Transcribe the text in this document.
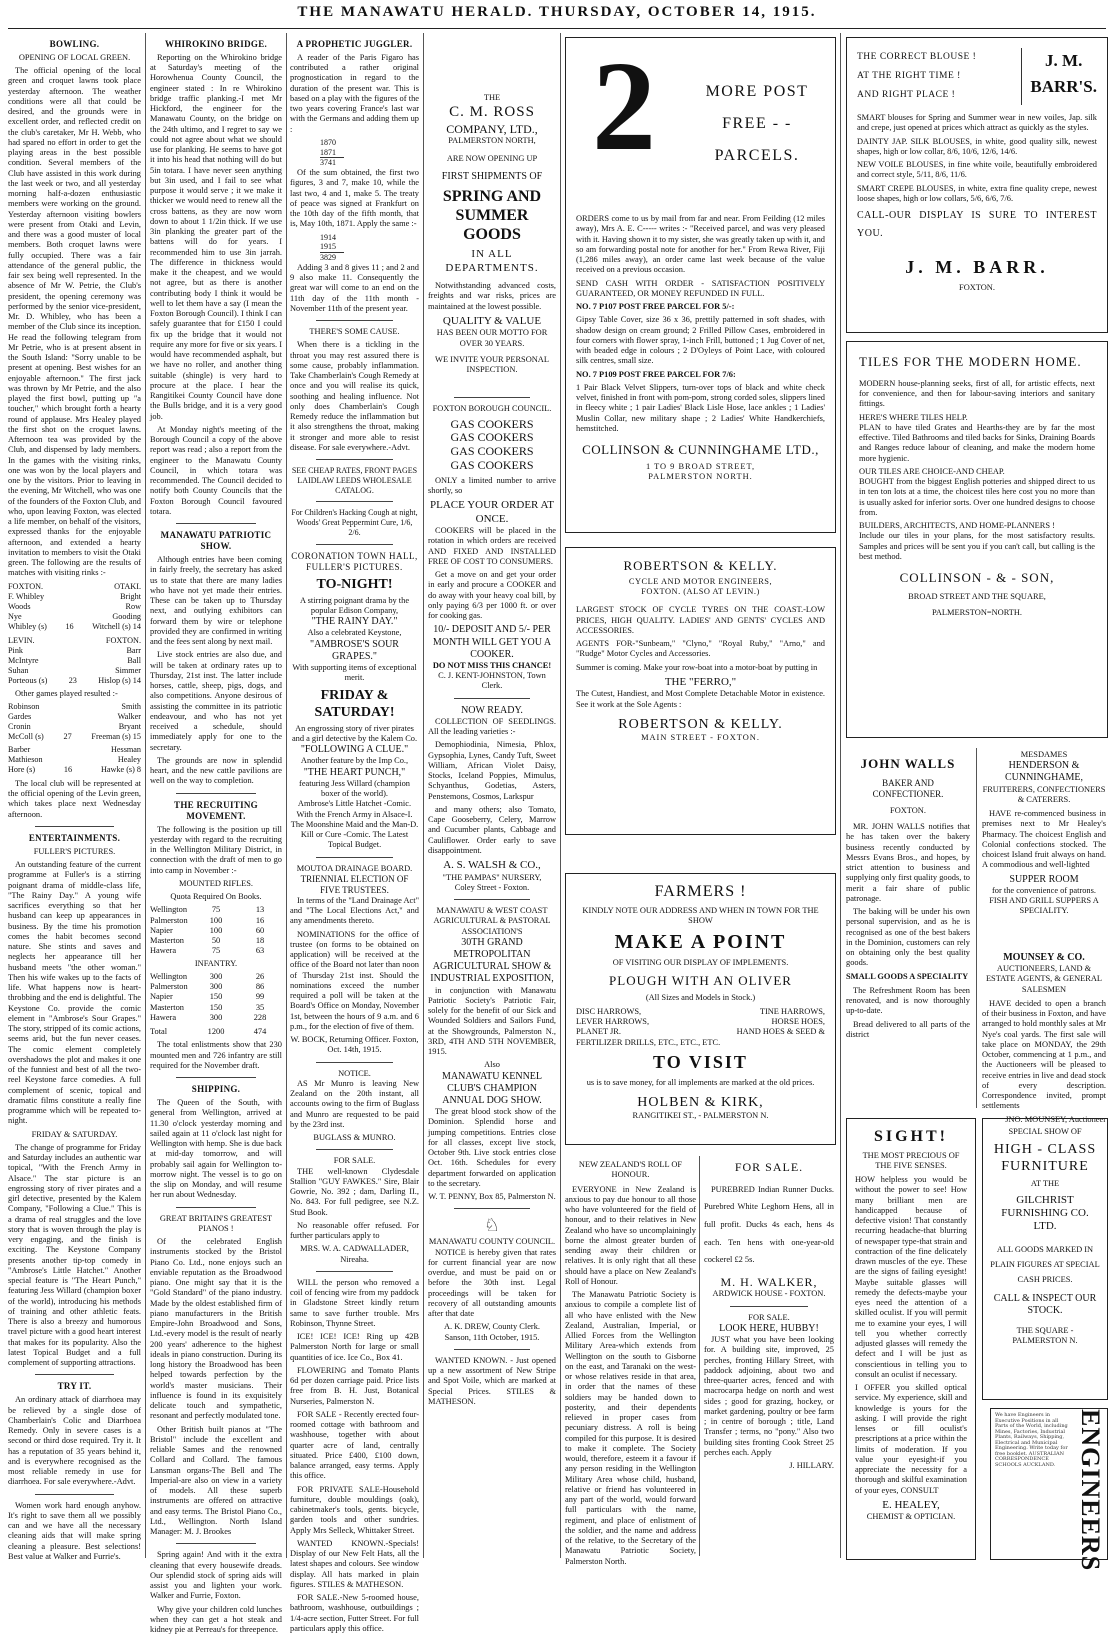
THE MANAWATU HERALD. THURSDAY, OCTOBER 14, 1915.
BOWLING.
OPENING OF LOCAL GREEN.

The official opening of the local green and croquet lawns took place yesterday afternoon. The weather conditions were all that could be desired, and the grounds were in excellent order, and reflected credit on the club's caretaker, Mr H. Webb, who had spared no effort in order to get the playing areas in the best possible condition. Several members of the Club have assisted in this work during the last week or two, and all yesterday morning half-a-dozen enthusiastic members were working on the ground. Yesterday afternoon visiting bowlers were present from Otaki and Levin, and there was a good muster of local members. Both croquet lawns were fully occupied. There was a fair attendance of the general public, the fair sex being well represented. In the absence of Mr W. Petrie, the Club's president, the opening ceremony was performed by the senior vice-president, Mr. D. Whibley, who has been a member of the Club since its inception. He read the following telegram from Mr Petrie, who is at present absent in the South Island: "Sorry unable to be present at opening. Best wishes for an enjoyable afternoon." The first jack was thrown by Mr Petrie, and the also played the first bowl, putting up "a toucher," which brought forth a hearty round of applause. Mrs Healey played the first shot on the croquet lawns. Afternoon tea was provided by the Club, and dispensed by lady members. In the games with the visiting rinks, one was won by the local players and one by the visitors. Prior to leaving in the evening, Mr Witchell, who was one of the founders of the Foxton Club, and who, upon leaving Foxton, was elected a life member, on behalf of the visitors, expressed thanks for the enjoyable afternoon, and extended a hearty invitation to members to visit the Otaki green. The following are the results of matches with visiting rinks :-

FOXTON.	OTAKI.
F. Whibley	Bright
Woods	Row
Nye	Gooding
Whibley (s) 16 Witchell (s) 14
LEVIN.	FOXTON.
Pink	Barr
McIntyre	Ball
Suhan	Simmer
Porteous (s)	23	Hislop (s) 14

Other games played resulted :-

Robinson	Smith
Gardes	Walker
Cronin	Bryant
McColl (s) 27 Freeman (s) 15
Barber	Hessman
Mathieson	Healey
Hore (s)	16	Hawke (s) 8

The local club will be represented at the official opening of the Levin green, which takes place next Wednesday afternoon.

ENTERTAINMENTS.
FULLER'S PICTURES.

An outstanding feature of the current programme at Fuller's is a stirring poignant drama of middle-class life, "The Rainy Day." A young wife sacrifices everything so that her husband can keep up appearances in business. By the time his promotion comes the habit becomes second nature. She stints and saves and neglects her appearance till her husband meets "the other woman." Then his wife wakes up to the facts of life. What happens now is heart-throbbing and the end is delightful. The Keystone Co. provide the comic element in "Ambrose's Sour Grapes." The story, stripped of its comic actions, seems arid, but the fun never ceases. The comic element completely overshadows the plot and makes it one of the funniest and best of all the two-reel Keystone farce comedies. A full complement of scenic, topical and dramatic films constitute a really fine programme which will be repeated to-night.

FRIDAY & SATURDAY.

The change of programme for Friday and Saturday includes an authentic war topical, "With the French Army in Alsace." The star picture is an engrossing story of river pirates and a girl detective, presented by the Kalem Company, "Following a Clue." This is a drama of real struggles and the love story that is woven through the play is very engaging, and the finish is exciting. The Keystone Company presents another tip-top comedy in "Ambrose's Little Hatchet." Another special feature is "The Heart Punch," featuring Jess Willard (champion boxer of the world), introducing his methods of training and other athletic feats. There is also a breezy and humorous travel picture with a good heart interest that makes for its popularity. Also the latest Topical Budget and a full complement of supporting attractions.

TRY IT.

An ordinary attack of diarrhoea may be relieved by a single dose of Chamberlain's Colic and Diarrhoea Remedy. Only in severe cases is a second or third dose required. Try it. It has a reputation of 35 years behind it, and is everywhere recognised as the most reliable remedy in use for diarrhoea. For sale everywhere.-Advt.

Women work hard enough anyhow. It's right to save them all we possibly can and we have all the necessary cleaning aids that will make spring cleaning a pleasure. Best selections! Best value at Walker and Furrie's.

WHIROKINO BRIDGE.

Reporting on the Whirokino bridge at Saturday's meeting of the Horowhenua County Council, the engineer stated : In re Whirokino bridge traffic planking.-I met Mr Hickford, the engineer for the Manawatu County, on the bridge on the 24th ultimo, and I regret to say we could not agree about what we should use for planking. He seems to have got it into his head that nothing will do but 5in totara. I have never seen anything but 3in used, and I fail to see what purpose it would serve ; it we make it thicker we would need to renew all the cross battens, as they are now worn down to about 1 1/2in thick. If we use 3in planking the greater part of the battens will do for years. I recommended him to use 3in jarrah. The difference in thickness would make it the cheapest, and we would not agree, but as there is another contributing body I think it would be well to let them have a say (I mean the Foxton Borough Council). I think I can safely guarantee that for £150 I could fix up the bridge that it would not require any more for five or six years. I would have recommended asphalt, but we have no roller, and another thing suitable (shingle) is very hard to procure at the place. I hear the Rangitikei County Council have done the Bulls bridge, and it is a very good job.

At Monday night's meeting of the Borough Council a copy of the above report was read ; also a report from the engineer to the Manawatu County Council, in which totara was recommended. The Council decided to notify both County Councils that the Foxton Borough Council favoured totara.

MANAWATU PATRIOTIC SHOW.

Although entries have been coming in fairly freely, the secretary has asked us to state that there are many ladies who have not yet made their entries. These can be taken up to Thursday next, and outlying exhibitors can forward them by wire or telephone provided they are confirmed in writing and the fees sent along by next mail.

Live stock entries are also due, and will be taken at ordinary rates up to Thursday, 21st inst. The latter include horses, cattle, sheep, pigs, dogs, and also competitions. Anyone desirous of assisting the committee in its patriotic endeavour, and who has not yet received a schedule, should immediately apply for one to the secretary.

The grounds are now in splendid heart, and the new cattle pavilions are well on the way to completion.

THE RECRUITING MOVEMENT.

The following is the position up till yesterday with regard to the recruiting in the Wellington Military District, in connection with the draft of men to go into camp in November :-

MOUNTED RIFLES.
Quota Required On Books.
Wellington	75	13
Palmerston	100	16
Napier	100	60
Masterton	50	18
Hawera	75	63
INFANTRY.
Wellington	300	26
Palmerston	300	86
Napier	150	99
Masterton	150	35
Hawera	300	228
Total	1200	474

The total enlistments show that 230 mounted men and 726 infantry are still required for the November draft.

SHIPPING.

The Queen of the South, with general from Wellington, arrived at 11.30 o'clock yesterday morning and sailed again at 11 o'clock last night for Wellington with hemp. She is due back at mid-day tomorrow, and will probably sail again for Wellington to-morrow night. The vessel is to go on the slip on Monday, and will resume her run about Wednesday.

GREAT BRITAIN'S GREATEST PIANOS !

Of the celebrated English instruments stocked by the Bristol Piano Co. Ltd., none enjoys such an enviable reputation as the Broadwood piano. One might say that it is the "Gold Standard" of the piano industry. Made by the oldest established firm of piano manufacturers in the British Empire-John Broadwood and Sons, Ltd.-every model is the result of nearly 200 years' adherence to the highest ideals in piano construction. During its long history the Broadwood has been helped towards perfection by the world's master musicians. Their influence is found in its exquisitely delicate touch and sympathetic, resonant and perfectly modulated tone.

Other British built pianos at "The Bristol" include the excellent and reliable Sames and the renowned Collard and Collard. The famous Lansman organs-The Bell and The Imperial-are also on view in a variety of models. All these superb instruments are offered on attractive and easy terms. The Bristol Piano Co., Ltd., Wellington. North Island Manager: M. J. Brookes

Spring again! And with it the extra cleaning that every housewife dreads. Our splendid stock of spring aids will assist you and lighten your work. Walker and Furrie, Foxton.

Why give your children cold lunches when they can get a hot steak and kidney pie at Perreau's for threepence.

A PROPHETIC JUGGLER.

A reader of the Paris Figaro has contributed a rather original prognostication in regard to the duration of the present war. This is based on a play with the figures of the two years covering France's last war with the Germans and adding them up :

1870
1871
3741

Of the sum obtained, the first two figures, 3 and 7, make 10, while the last two, 4 and 1, make 5. The treaty of peace was signed at Frankfurt on the 10th day of the fifth month, that is, May 10th, 1871. Apply the same :-

1914
1915
3829

Adding 3 and 8 gives 11 ; and 2 and 9 also make 11. Consequently the great war will come to an end on the 11th day of the 11th month -November 11th of the present year.

THERE'S SOME CAUSE.

When there is a tickling in the throat you may rest assured there is some cause, probably inflammation. Take Chamberlain's Cough Remedy at once and you will realise its quick, soothing and healing influence. Not only does Chamberlain's Cough Remedy reduce the inflammation but it also strengthens the throat, making it stronger and more able to resist disease. For sale everywhere.-Advt.

SEE CHEAP RATES, FRONT PAGES LAIDLAW LEEDS WHOLESALE CATALOG.
For Children's Hacking Cough at night, Woods' Great Peppermint Cure, 1/6, 2/6.
CORONATION TOWN HALL, FULLER'S PICTURES.
TO-NIGHT!
A stirring poignant drama by the popular Edison Company,
"THE RAINY DAY."
Also a celebrated Keystone,
"AMBROSE'S SOUR GRAPES."
With supporting items of exceptional merit.
FRIDAY & SATURDAY!
An engrossing story of river pirates and a girl detective by the Kalem Co.
"FOLLOWING A CLUE."
Another feature by the Imp Co.,
"THE HEART PUNCH,"
featuring Jess Willard (champion boxer of the world).
Ambrose's Little Hatchet -Comic. With the French Army in Alsace-I. The Moonshine Maid and the Man-D. Kill or Cure -Comic. The Latest Topical Budget.
MOUTOA DRAINAGE BOARD.
TRIENNIAL ELECTION OF FIVE TRUSTEES.

In terms of the "Land Drainage Act" and "The Local Elections Act," and any amendments thereto.

NOMINATIONS for the office of trustee (on forms to be obtained on application) will be received at the office of the Board not later than noon of Thursday 21st inst. Should the nominations exceed the number required a poll will be taken at the Board's Office on Monday, November 1st, between the hours of 9 a.m. and 6 p.m., for the election of five of them.

W. BOCK, Returning Officer. Foxton, Oct. 14th, 1915.
NOTICE.

AS Mr Munro is leaving New Zealand on the 20th instant, all accounts owing to the firm of Buglass and Munro are requested to be paid by the 23rd inst.

BUGLASS & MUNRO.
FOR SALE.

THE well-known Clydesdale Stallion "GUY FAWKES." Sire, Blair Gowrie, No. 392 ; dam, Darling II., No. 843. For full pedigree, see N.Z. Stud Book.

No reasonable offer refused. For further particulars apply to

MRS. W. A. CADWALLADER, Nireaha.

WILL the person who removed a coil of fencing wire from my paddock in Gladstone Street kindly return same to save further trouble. Mrs Robinson, Thynne Street.

ICE! ICE! ICE! Ring up 42B Palmerston North for large or small quantities of ice. Ice Co., Box 41.

FLOWERING and Tomato Plants 6d per dozen carriage paid. Price lists free from B. H. Just, Botanical Nurseries, Palmerston N.

FOR SALE - Recently erected four-roomed cottage with bathroom and washhouse, together with about quarter acre of land, centrally situated. Price £400, £100 down, balance arranged, easy terms. Apply this office.

FOR PRIVATE SALE-Household furniture, double mouldings (oak), cabinetmaker's tools, gents. bicycle, garden tools and other sundries. Apply Mrs Selleck, Whittaker Street.

WANTED KNOWN.-Specials! Display of our New Felt Hats, all the latest shapes and colours. See window display. All hats marked in plain figures. STILES & MATHESON.

FOR SALE.-New 5-roomed house, bathroom, washhouse, outbuildings ; 1/4-acre section, Futter Street. For full particulars apply this office.

THE
C. M. ROSS
COMPANY, LTD.,
PALMERSTON NORTH,
ARE NOW OPENING UP
FIRST SHIPMENTS OF
SPRING AND SUMMER GOODS
IN ALL DEPARTMENTS.

Notwithstanding advanced costs, freights and war risks, prices are maintained at the lowest possible.

QUALITY & VALUE
HAS BEEN OUR MOTTO FOR OVER 30 YEARS.
WE INVITE YOUR PERSONAL INSPECTION.
FOXTON BOROUGH COUNCIL.
GAS COOKERS
GAS COOKERS
GAS COOKERS
GAS COOKERS

ONLY a limited number to arrive shortly, so

PLACE YOUR ORDER AT ONCE.

COOKERS will be placed in the rotation in which orders are received AND FIXED AND INSTALLED FREE OF COST TO CONSUMERS.

Get a move on and get your order in early and procure a COOKER and do away with your heavy coal bill, by only paying 6/3 per 1000 ft. or over for cooking gas.

10/- DEPOSIT AND 5/- PER MONTH WILL GET YOU A COOKER.
DO NOT MISS THIS CHANCE!
C. J. KENT-JOHNSTON, Town Clerk.
NOW READY.

COLLECTION OF SEEDLINGS. All the leading varieties :-

Demophiodinia, Nimesia, Phlox, Gypsophia, Lynes, Candy Tuft, Sweet William, African Violet Daisy, Stocks, Iceland Poppies, Mimulus, Schyanthus, Godetias, Asters, Penstemons, Cosmos, Larkspur

and many others; also Tomato, Cape Gooseberry, Celery, Marrow and Cucumber plants, Cabbage and Cauliflower. Order early to save disappointment.

A. S. WALSH & CO.,
"THE PAMPAS" NURSERY,
Coley Street - Foxton.
MANAWATU & WEST COAST AGRICULTURAL & PASTORAL ASSOCIATION'S
30TH GRAND METROPOLITAN AGRICULTURAL SHOW & INDUSTRIAL EXPOSITION,

in conjunction with Manawatu Patriotic Society's Patriotic Fair, solely for the benefit of our Sick and Wounded Soldiers and Sailors Fund, at the Showgrounds, Palmerston N., 3RD, 4TH AND 5TH NOVEMBER, 1915.

Also
MANAWATU KENNEL CLUB'S CHAMPION ANNUAL DOG SHOW.

The great blood stock show of the Dominion. Splendid horse and jumping competitions. Entries close for all classes, except live stock, October 9th. Live stock entries close Oct. 16th. Schedules for every department forwarded on application to the secretary.

W. T. PENNY, Box 85, Palmerston N.
♘
MANAWATU COUNTY COUNCIL.

NOTICE is hereby given that rates for current financial year are now overdue, and must be paid on or before the 30th inst. Legal proceedings will be taken for recovery of all outstanding amounts after that date

A. K. DREW, County Clerk.
Sanson, 11th October, 1915.

WANTED KNOWN. - Just opened up a new assortment of New Stripe and Spot Voile, which are marked at Special Prices. STILES & MATHESON.

2	MORE POST
FREE - -
PARCELS.

ORDERS come to us by mail from far and near. From Feilding (12 miles away), Mrs A. E. C----- writes :- "Received parcel, and was very pleased with it. Having shown it to my sister, she was greatly taken up with it, and so am forwarding postal note for another for her." From Rewa River, Fiji (1,286 miles away), an order came last week because of the value received on a previous occasion.

SEND CASH WITH ORDER - SATISFACTION POSITIVELY GUARANTEED, OR MONEY REFUNDED IN FULL.

NO. 7 P107 POST FREE PARCEL FOR 5/-:

Gipsy Table Cover, size 36 x 36, prettily patterned in soft shades, with shadow design on cream ground; 2 Frilled Pillow Cases, embroidered in four corners with flower spray, 1-inch Frill, buttoned ; 1 Jug Cover of net, with beaded edge in colours ; 2 D'Oyleys of Point Lace, with coloured silk centres, small size.

NO. 7 P109 POST FREE PARCEL FOR 7/6:

1 Pair Black Velvet Slippers, turn-over tops of black and white check velvet, finished in front with pom-pom, strong corded soles, slippers lined in fleecy white ; 1 pair Ladies' Black Lisle Hose, lace ankles ; 1 Ladies' Muslin Collar, new military shape ; 2 Ladies' White Handkerchiefs, hemstitched.

COLLINSON & CUNNINGHAME LTD.,
1 TO 9 BROAD STREET,
PALMERSTON NORTH.
ROBERTSON & KELLY.
CYCLE AND MOTOR ENGINEERS,
FOXTON. (ALSO AT LEVIN.)

LARGEST STOCK OF CYCLE TYRES ON THE COAST.-LOW PRICES, HIGH QUALITY. LADIES' AND GENTS' CYCLES AND ACCESSORIES.

AGENTS FOR-"Sunbeam," "Clyno," "Royal Ruby," "Arno," and "Rudge" Motor Cycles and Accessories.

Summer is coming. Make your row-boat into a motor-boat by putting in

THE "FERRO,"

The Cutest, Handiest, and Most Complete Detachable Motor in existence. See it work at the Sole Agents :

ROBERTSON & KELLY.
MAIN STREET - FOXTON.
FARMERS !
KINDLY NOTE OUR ADDRESS AND WHEN IN TOWN FOR THE SHOW
MAKE A POINT
OF VISITING OUR DISPLAY OF IMPLEMENTS.
PLOUGH WITH AN OLIVER
(All Sizes and Models in Stock.)
DISC HARROWS,	TINE HARROWS,
LEVER HARROWS,	HORSE HOES,
PLANET JR.	HAND HOES & SEED &
FERTILIZER DRILLS, ETC., ETC., ETC.
TO VISIT
us is to save money, for all implements are marked at the old prices.
HOLBEN & KIRK,
RANGITIKEI ST., - PALMERSTON N.
NEW ZEALAND'S ROLL OF HONOUR.

EVERYONE in New Zealand is anxious to pay due honour to all those who have volunteered for the field of honour, and to their relatives in New Zealand who have so uncomplainingly borne the almost greater burden of sending away their children or relatives. It is only right that all these should have a place on New Zealand's Roll of Honour.

The Manawatu Patriotic Society is anxious to compile a complete list of all who have enlisted with the New Zealand, Australian, Imperial, or Allied Forces from the Wellington Military Area-which extends from Wellington on the south to Gisborne on the east, and Taranaki on the west-or whose relatives reside in that area, in order that the names of these soldiers may be handed down to posterity, and their dependents relieved in proper cases from pecuniary distress. A roll is being compiled for this purpose. It is desired to make it complete. The Society would, therefore, esteem it a favour if any person residing in the Wellington Military Area whose child, husband, relative or friend has volunteered in any part of the world, would forward full particulars with the name, regiment, and place of enlistment of the soldier, and the name and address of the relative, to the Secretary of the Manawatu Patriotic Society, Palmerston North.

FOR SALE.

PUREBRED Indian Runner Ducks. Purebred White Leghorn Hens, all in full profit. Ducks 4s each, hens 4s each. Ten hens with one-year-old cockerel £2 5s.

M. H. WALKER,
ARDWICK HOUSE - FOXTON.
FOR SALE.
LOOK HERE, HUBBY!

JUST what you have been looking for. A building site, improved, 25 perches, fronting Hillary Street, with paddock adjoining, about two and three-quarter acres, fenced and with macrocarpa hedge on north and west sides ; good for grazing, hockey, or market gardening, poultry or bee farm ; in centre of borough ; title, Land Transfer ; terms, no "pony." Also two building sites fronting Cook Street 25 perches each. Apply

J. HILLARY.
THE CORRECT BLOUSE !
AT THE RIGHT TIME !
AND RIGHT PLACE !
J. M.
BARR'S.

SMART blouses for Spring and Summer wear in new voiles, Jap. silk and crepe, just opened at prices which attract as quickly as the styles.

DAINTY JAP. SILK BLOUSES, in white, good quality silk, newest shapes, high or low collar, 8/6, 10/6, 12/6, 14/6.

NEW VOILE BLOUSES, in fine white voile, beautifully embroidered and correct style, 5/11, 8/6, 11/6.

SMART CREPE BLOUSES, in white, extra fine quality crepe, newest loose shapes, high or low collars, 5/6, 6/6, 7/6.

CALL-OUR DISPLAY IS SURE TO INTEREST YOU.
J. M. BARR.
FOXTON.
TILES FOR THE MODERN HOME.

MODERN house-planning seeks, first of all, for artistic effects, next for convenience, and then for labour-saving interiors and sanitary fittings.

HERE'S WHERE TILES HELP.

PLAN to have tiled Grates and Hearths-they are by far the most effective. Tiled Bathrooms and tiled backs for Sinks, Draining Boards and Ranges reduce labour of cleaning, and make the modern home more hygienic.

OUR TILES ARE CHOICE-AND CHEAP.

BOUGHT from the biggest English potteries and shipped direct to us in ten ton lots at a time, the choicest tiles here cost you no more than is usually asked for inferior sorts. Over one hundred designs to choose from.

BUILDERS, ARCHITECTS, AND HOME-PLANNERS !

Include our tiles in your plans, for the most satisfactory results. Samples and prices will be sent you if you can't call, but calling is the best method.

COLLINSON - & - SON,
BROAD STREET AND THE SQUARE,
PALMERSTON=NORTH.
JOHN WALLS
BAKER AND CONFECTIONER.
FOXTON.

MR. JOHN WALLS notifies that he has taken over the bakery business recently conducted by Messrs Evans Bros., and hopes, by strict attention to business and supplying only first quality goods, to merit a fair share of public patronage.

The baking will be under his own personal supervision, and as he is recognised as one of the best bakers in the Dominion, customers can rely on obtaining only the best quality goods.

SMALL GOODS A SPECIALITY

The Refreshment Room has been renovated, and is now thoroughly up-to-date.

Bread delivered to all parts of the district

MESDAMES
HENDERSON & CUNNINGHAME,
FRUITERERS, CONFECTIONERS & CATERERS.

HAVE re-commenced business in premises next to Mr Healey's Pharmacy. The choicest English and Colonial confections stocked. The choicest Island fruit always on hand. A commodious and well-lighted

SUPPER ROOM
for the convenience of patrons.
FISH AND GRILL SUPPERS A SPECIALITY.
MOUNSEY & CO.
AUCTIONEERS, LAND & ESTATE AGENTS, & GENERAL SALESMEN

HAVE decided to open a branch of their business in Foxton, and have arranged to hold monthly sales at Mr Nye's coal yards. The first sale will take place on MONDAY, the 29th October, commencing at 1 p.m., and the Auctioneers will be pleased to receive entries in live and dead stock of every description. Correspondence invited, prompt settlements

JNO. MOUNSEY, Auctioneer
SIGHT!
THE MOST PRECIOUS OF THE FIVE SENSES.

HOW helpless you would be without the power to see! How many brilliant men are handicapped because of defective vision! That constantly recurring headache-that blurring of newspaper type-that strain and contraction of the fine delicately drawn muscles of the eye. These are the signs of failing eyesight! Maybe suitable glasses will remedy the defects-maybe your eyes need the attention of a skilled oculist. If you will permit me to examine your eyes, I will tell you whether correctly adjusted glasses will remedy the defect and I will be just as conscientious in telling you to consult an oculist if necessary.

I OFFER you skilled optical service. My experience, skill and knowledge is yours for the asking. I will provide the right lenses or fill oculist's prescriptions at a price within the limits of moderation. If you value your eyesight-if you appreciate the necessity for a thorough and skilful examination of your eyes, CONSULT

E. HEALEY,
CHEMIST & OPTICIAN.
SPECIAL SHOW OF
HIGH - CLASS
FURNITURE
AT THE
GILCHRIST FURNISHING CO. LTD.
ALL GOODS MARKED IN PLAIN FIGURES AT SPECIAL CASH PRICES.
CALL & INSPECT OUR STOCK.
THE SQUARE - PALMERSTON N.
We have Engineers in Executive Positions in all Parts of the World, including Mines, Factories, Industrial Plants, Railways, Shipping, Electrical and Municipal Engineering. Write today for free booklet. AUSTRALIAN CORRESPONDENCE SCHOOLS AUCKLAND. ENGINEERS
